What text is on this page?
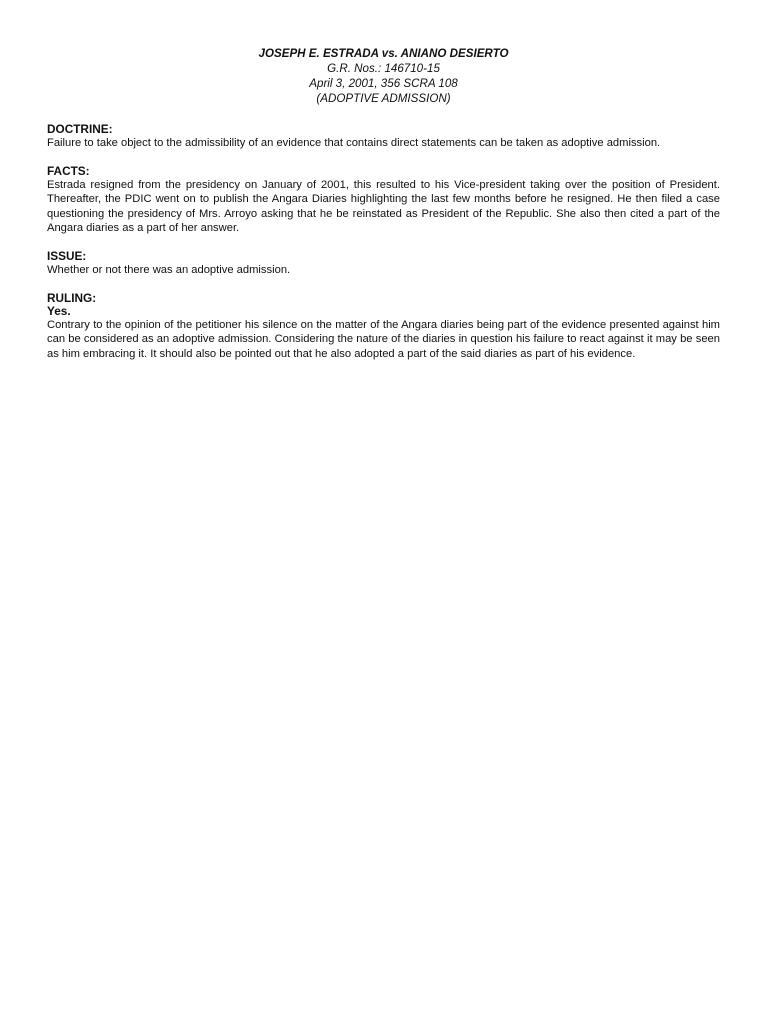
JOSEPH E. ESTRADA vs. ANIANO DESIERTO
G.R. Nos.: 146710-15
April 3, 2001, 356 SCRA 108
(ADOPTIVE ADMISSION)
DOCTRINE:
Failure to take object to the admissibility of an evidence that contains direct statements can be taken as adoptive admission.
FACTS:
Estrada resigned from the presidency on January of 2001, this resulted to his Vice-president taking over the position of President. Thereafter, the PDIC went on to publish the Angara Diaries highlighting the last few months before he resigned. He then filed a case questioning the presidency of Mrs. Arroyo asking that he be reinstated as President of the Republic. She also then cited a part of the Angara diaries as a part of her answer.
ISSUE:
Whether or not there was an adoptive admission.
RULING:
Yes.
Contrary to the opinion of the petitioner his silence on the matter of the Angara diaries being part of the evidence presented against him can be considered as an adoptive admission. Considering the nature of the diaries in question his failure to react against it may be seen as him embracing it. It should also be pointed out that he also adopted a part of the said diaries as part of his evidence.
